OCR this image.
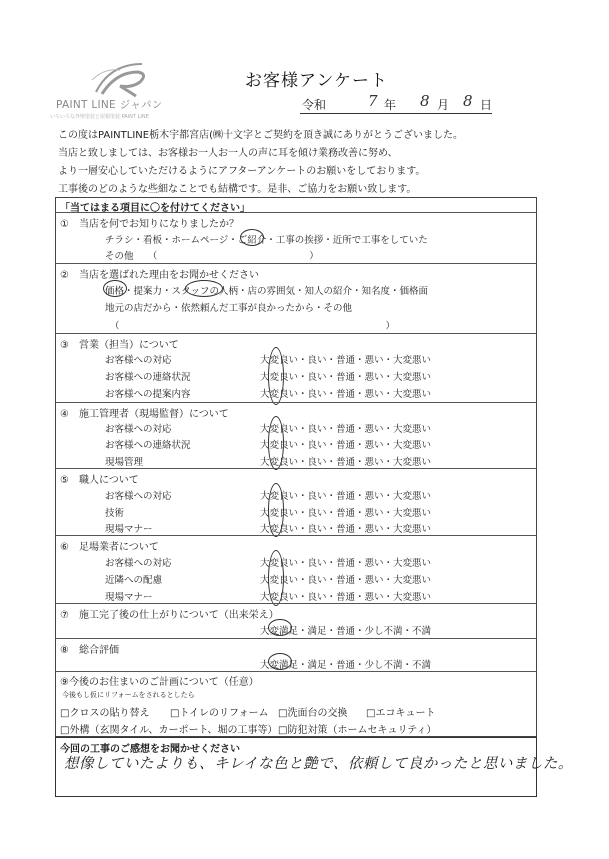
PAINT LINE ジャパン
いろいろな外壁塗装と屋根塗装 PAINT LINE
お客様アンケート
令和	7 年 8 月 8 日
この度はPAINTLINE栃木宇都宮店(㈱十文字とご契約を頂き誠にありがとうございました。
当店と致しましては、お客様お一人お一人の声に耳を傾け業務改善に努め、
より一層安心していただけるようにアフターアンケートのお願いをしております。
工事後のどのような些細なことでも結構です。是非、ご協力をお願い致します。
「当てはまる項目に〇を付けてください」
①　当店を何でお知りになりましたか？
チラシ・看板・ホームページ・ご紹介・工事の挨拶・近所で工事をしていた
その他　　（　　　　　　　　　　　　　　　　）
②　当店を選ばれた理由をお聞かせください
価格・提案力・スタッフの人柄・店の雰囲気・知人の紹介・知名度・価格面
地元の店だから・依然頼んだ工事が良かったから・その他
（　　　　　　　　　　　　　　　　　　　　　　　　　　　　）
③　営業（担当）について
お客様への対応
お客様への連絡状況
お客様への提案内容
大変良い・良い・普通・悪い・大変悪い
大変良い・良い・普通・悪い・大変悪い
大変良い・良い・普通・悪い・大変悪い
④　施工管理者（現場監督）について
お客様への対応
お客様への連絡状況
現場管理
大変良い・良い・普通・悪い・大変悪い
大変良い・良い・普通・悪い・大変悪い
大変良い・良い・普通・悪い・大変悪い
⑤　職人について
お客様への対応
技術
現場マナー
大変良い・良い・普通・悪い・大変悪い
大変良い・良い・普通・悪い・大変悪い
大変良い・良い・普通・悪い・大変悪い
⑥　足場業者について
お客様への対応
近隣への配慮
現場マナー
大変良い・良い・普通・悪い・大変悪い
大変良い・良い・普通・悪い・大変悪い
大変良い・良い・普通・悪い・大変悪い
⑦　施工完了後の仕上がりについて（出来栄え）
大変満足・満足・普通・少し不満・不満
⑧　総合評価
大変満足・満足・普通・少し不満・不満
⑨今後のお住まいのご計画について（任意）
今後もし仮にリフォームをされるとしたら
□クロスの貼り替え □トイレのリフォーム □洗面台の交換 □エコキュート
□外構（玄関タイル、カーポート、堀の工事等） □防犯対策（ホームセキュリティ）
今回の工事のご感想をお聞かせください
想像していたよりも、キレイな色と艶で、依頼して良かったと思いました。
